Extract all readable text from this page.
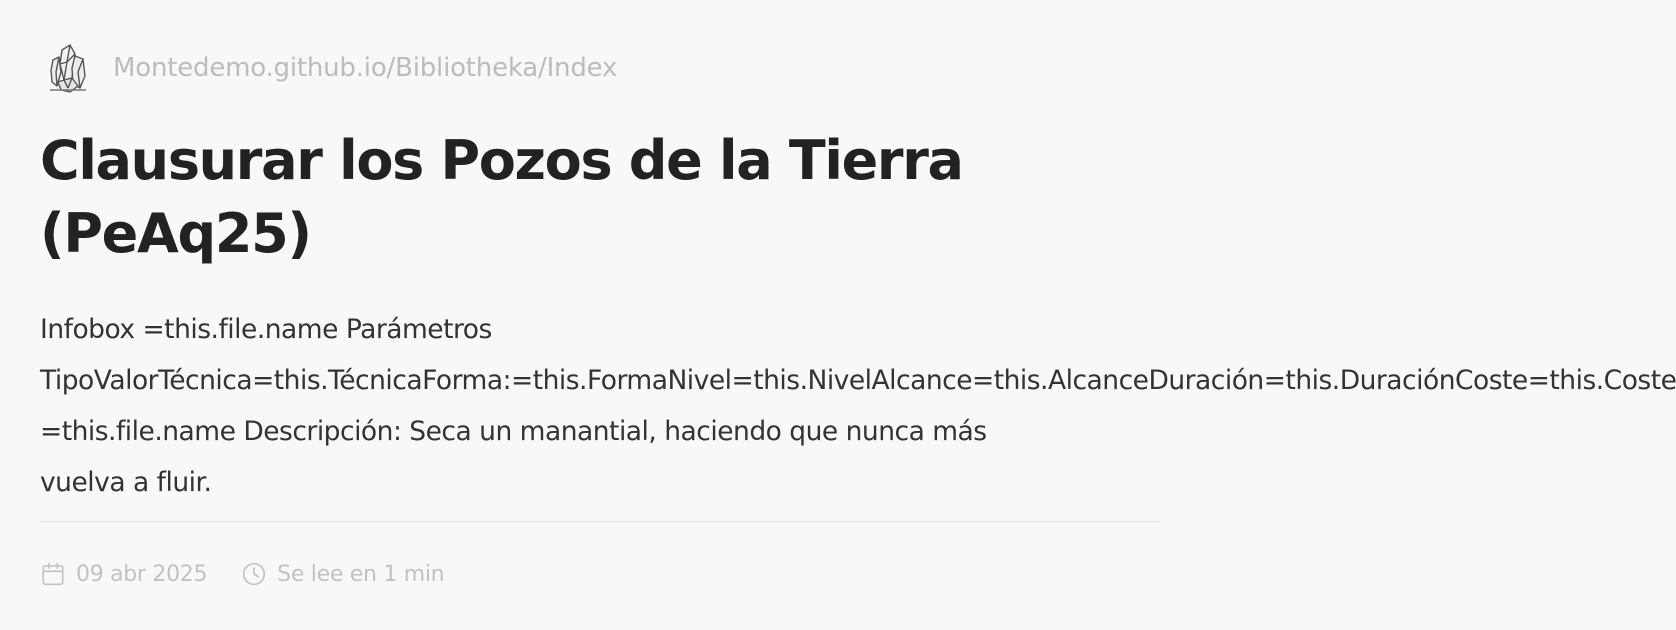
Montedemo.github.io/Bibliotheka/Index
Clausurar los Pozos de la Tierra (PeAq25)
Infobox =this.file.name Parámetros
TipoValorTécnica=this.TécnicaForma:=this.FormaNivel=this.NivelAlcance=this.AlcanceDuración=this.DuraciónCoste=this.Coste
=this.file.name Descripción: Seca un manantial, haciendo que nunca más
vuelva a fluir.
09 abr 2025	Se lee en 1 min
